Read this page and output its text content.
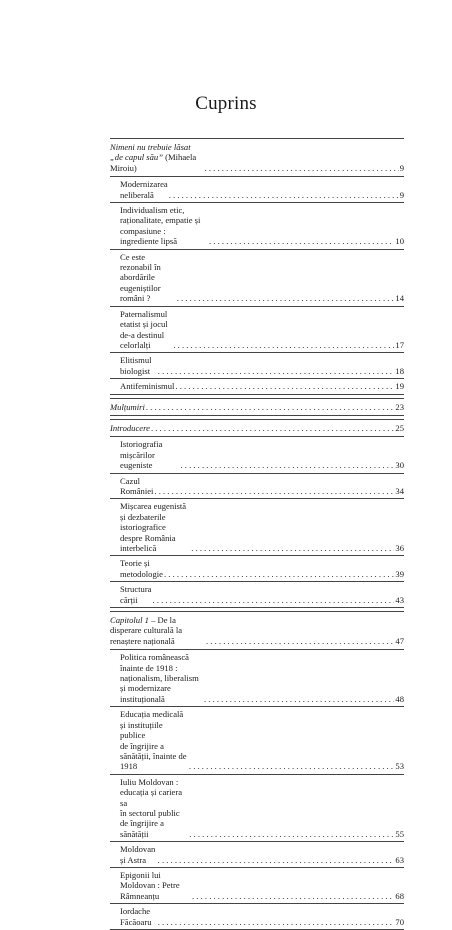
Cuprins
Nimeni nu trebuie lăsat „de capul său” (Mihaela Miroiu) . . .	9
Modernizarea neliberală . . .	9
Individualism etic, raționalitate, empatie și compasiune :
ingrediente lipsă . . .	10
Ce este rezonabil în abordările
eugeniștilor români ? . . .	14
Paternalismul etatist și jocul
de-a destinul celorlalți . . .	17
Elitismul biologist . . .	18
Antifeminismul . . .	19
Mulțumiri . . .	23
Introducere . . .	25
Istoriografia mișcărilor eugeniste . . .	30
Cazul României . . .	34
Mișcarea eugenistă și dezbaterile
istoriografice despre România interbelică . . .	36
Teorie și metodologie . . .	39
Structura cărții . . .	43
Capitolul 1 – De la disperare culturală la renaștere națională . . .	47
Politica românească înainte de 1918 :
naționalism, liberalism și modernizare instituțională . . .	48
Educația medicală și instituțiile publice
de îngrijire a sănătății, înainte de 1918 . . .	53
Iuliu Moldovan : educația și cariera sa
în sectorul public de îngrijire a sănătății . . .	55
Moldovan și Astra . . .	63
Epigonii lui Moldovan : Petre Râmneanțu . . .	68
Iordache Făcăoaru . . .	70
